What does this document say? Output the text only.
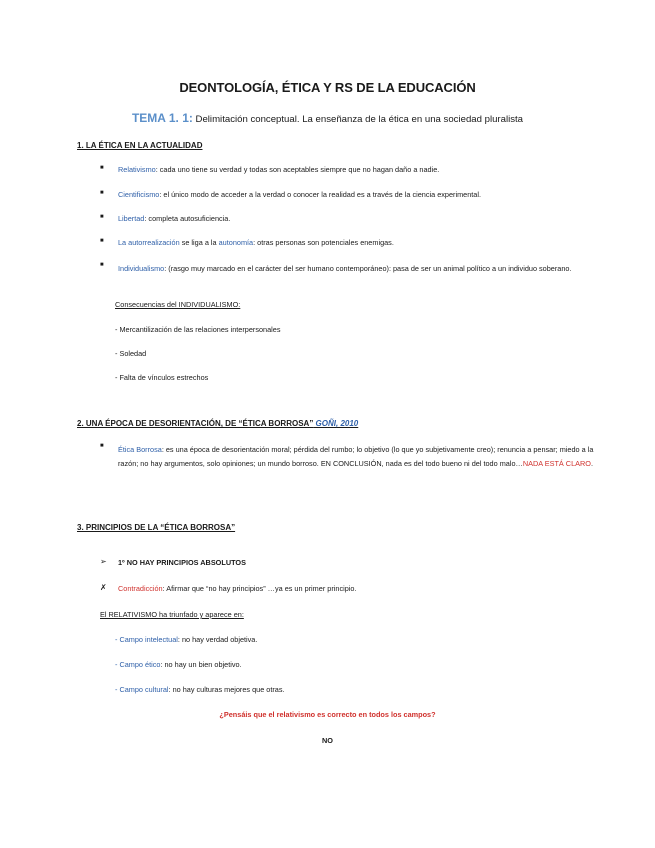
DEONTOLOGÍA, ÉTICA Y RS DE LA EDUCACIÓN
TEMA 1. 1: Delimitación conceptual. La enseñanza de la ética en una sociedad pluralista
1. LA ÉTICA EN LA ACTUALIDAD
■ Relativismo: cada uno tiene su verdad y todas son aceptables siempre que no hagan daño a nadie.
■ Cientificismo: el único modo de acceder a la verdad o conocer la realidad es a través de la ciencia experimental.
■ Libertad: completa autosuficiencia.
■ La autorrealización se liga a la autonomía: otras personas son potenciales enemigas.
■ Individualismo: (rasgo muy marcado en el carácter del ser humano contemporáneo): pasa de ser un animal político a un individuo soberano.
Consecuencias del INDIVIDUALISMO:
- Mercantilización de las relaciones interpersonales
- Soledad
- Falta de vínculos estrechos
2. UNA ÉPOCA DE DESORIENTACIÓN, DE “ÉTICA BORROSA” GOÑI, 2010
■ Ética Borrosa: es una época de desorientación moral; pérdida del rumbo; lo objetivo (lo que yo subjetivamente creo); renuncia a pensar; miedo a la razón; no hay argumentos, solo opiniones; un mundo borroso. EN CONCLUSIÓN, nada es del todo bueno ni del todo malo…NADA ESTÁ CLARO.
3. PRINCIPIOS DE LA “ÉTICA BORROSA”
➢ 1º NO HAY PRINCIPIOS ABSOLUTOS
✗ Contradicción: Afirmar que “no hay principios” …ya es un primer principio.
El RELATIVISMO ha triunfado y aparece en:
- Campo intelectual: no hay verdad objetiva.
- Campo ético: no hay un bien objetivo.
- Campo cultural: no hay culturas mejores que otras.
¿Pensáis que el relativismo es correcto en todos los campos?
NO
